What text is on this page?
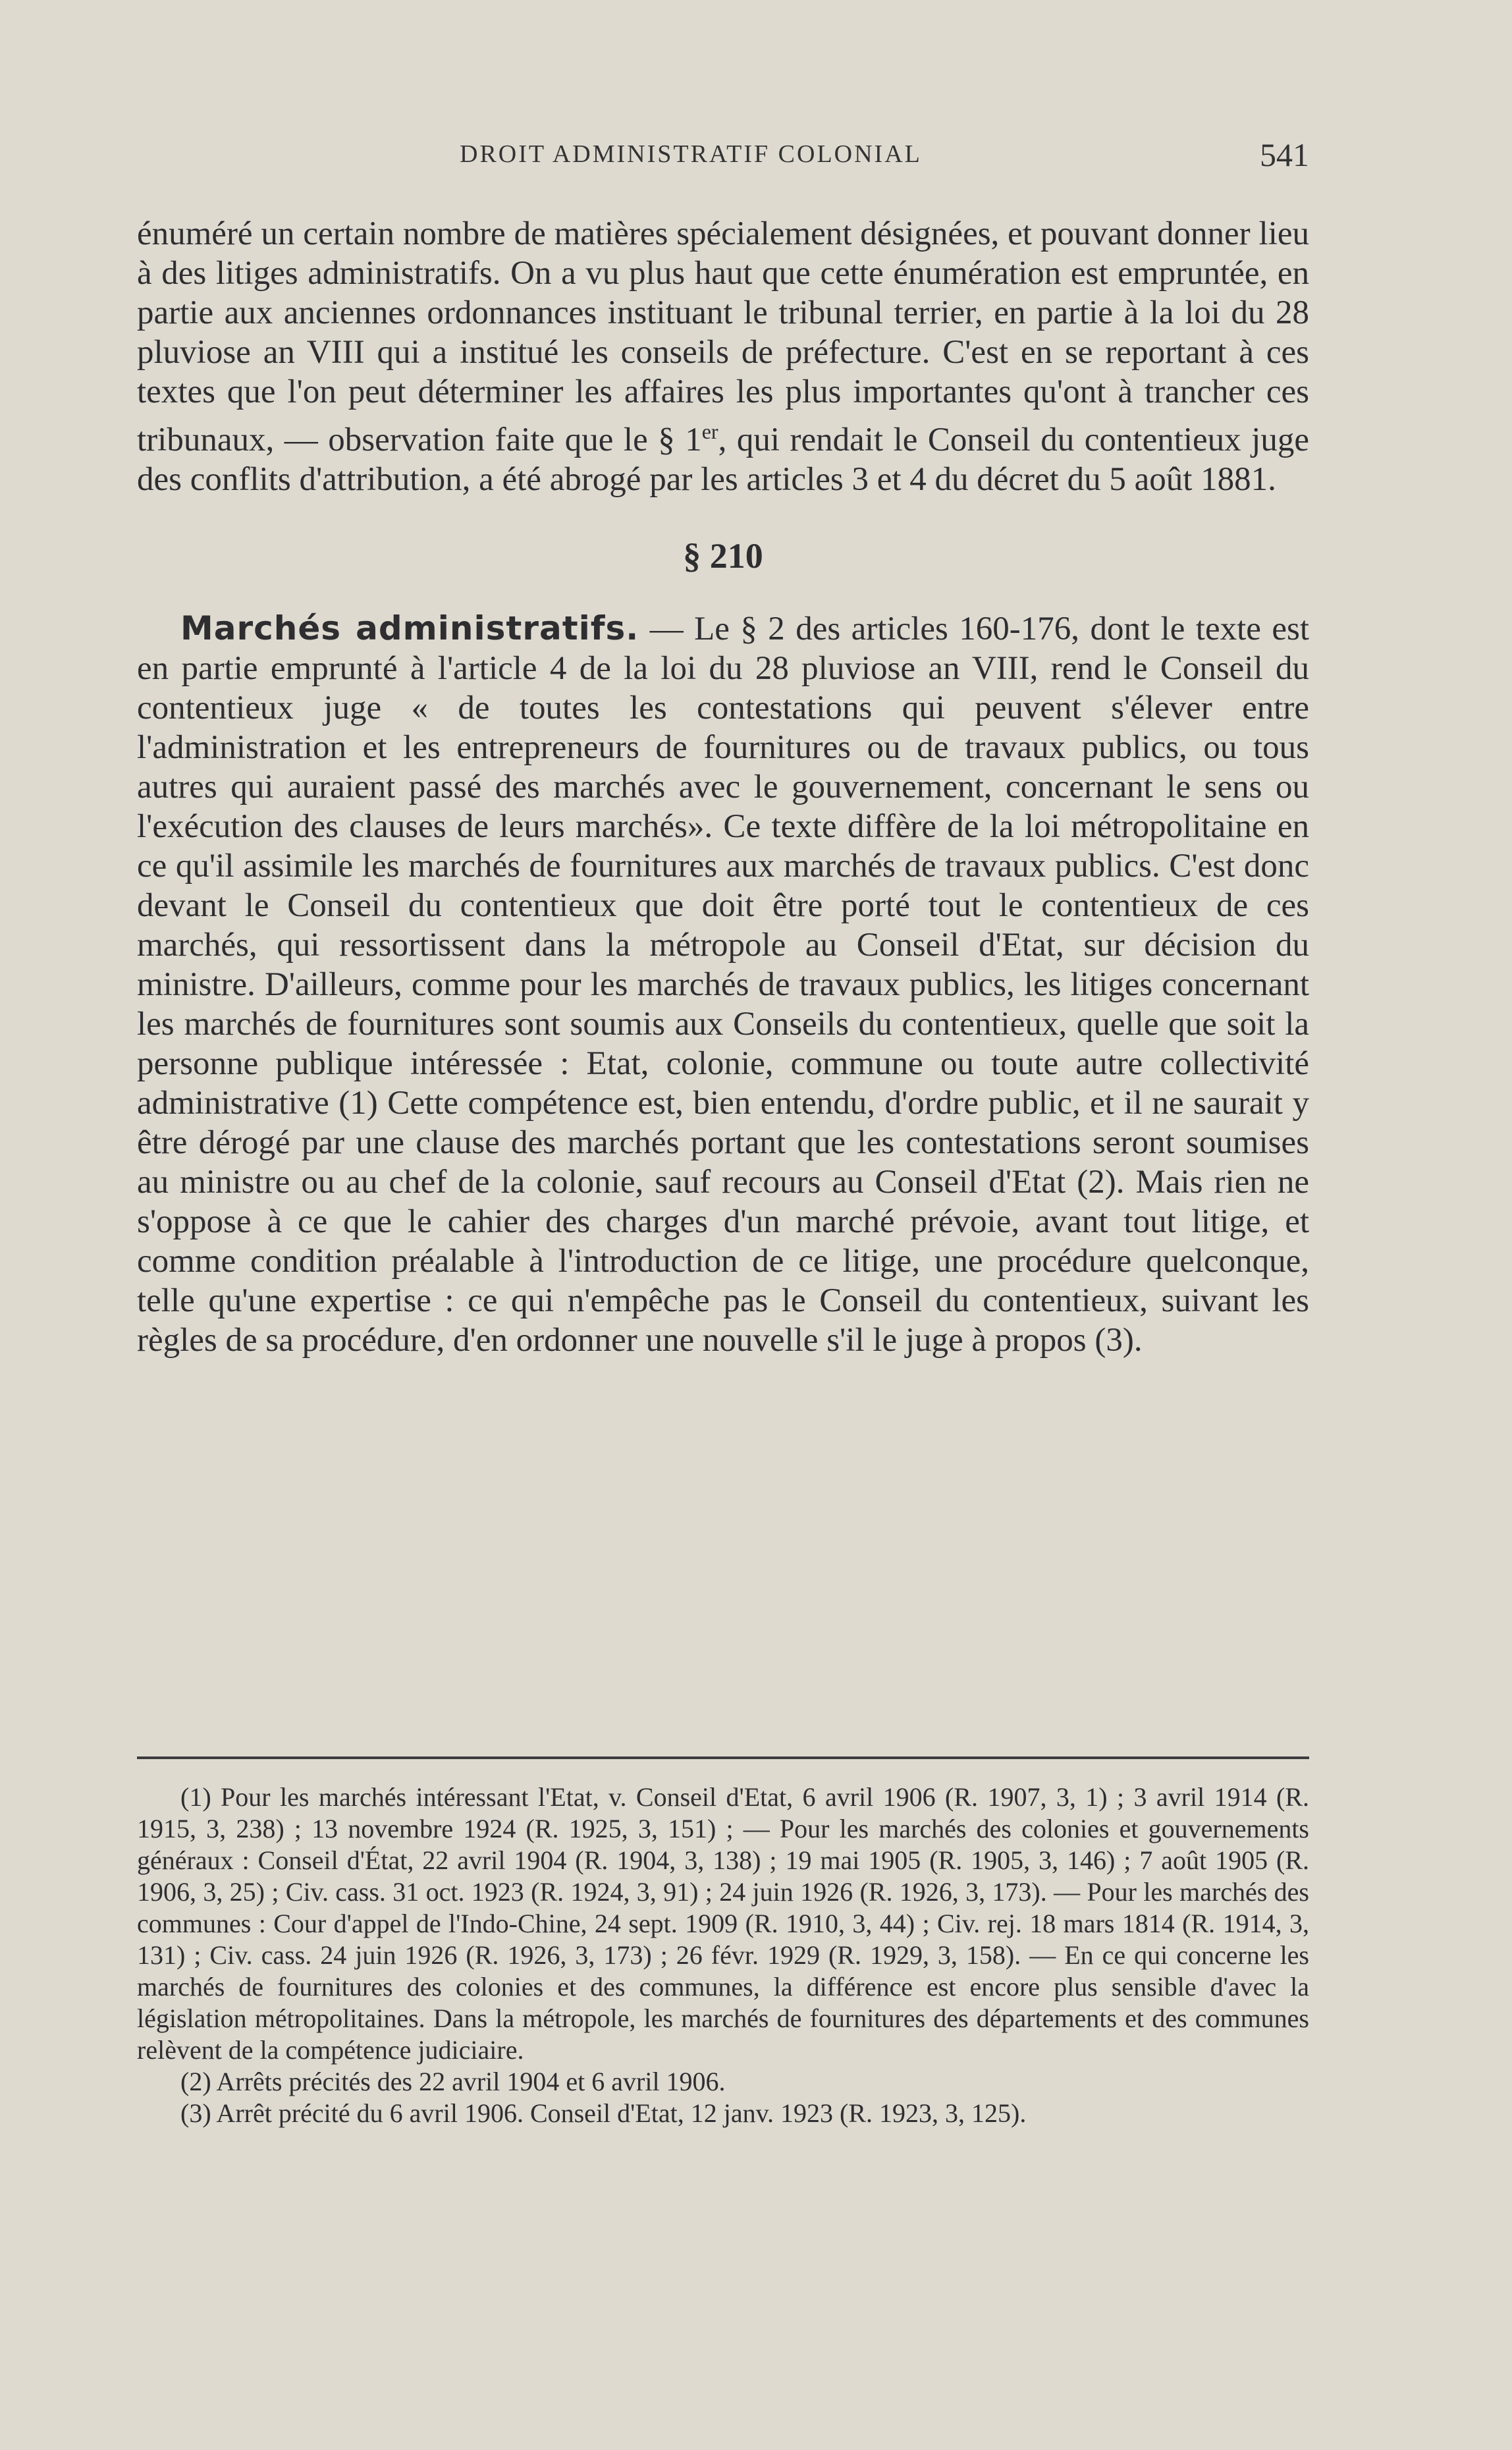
DROIT ADMINISTRATIF COLONIAL	541

énuméré un certain nombre de matières spécialement désignées, et pouvant donner lieu à des litiges administratifs. On a vu plus haut que cette énumération est empruntée, en partie aux anciennes ordonnances instituant le tribunal terrier, en partie à la loi du 28 pluviose an VIII qui a institué les conseils de préfecture. C'est en se reportant à ces textes que l'on peut déterminer les affaires les plus importantes qu'ont à trancher ces tribunaux, — observation faite que le § 1er, qui rendait le Conseil du contentieux juge des conflits d'attribution, a été abrogé par les articles 3 et 4 du décret du 5 août 1881.

§ 210

Marchés administratifs. — Le § 2 des articles 160-176, dont le texte est en partie emprunté à l'article 4 de la loi du 28 pluviose an VIII, rend le Conseil du contentieux juge « de toutes les contestations qui peuvent s'élever entre l'administration et les entrepreneurs de fournitures ou de travaux publics, ou tous autres qui auraient passé des marchés avec le gouvernement, concernant le sens ou l'exécution des clauses de leurs marchés». Ce texte diffère de la loi métropolitaine en ce qu'il assimile les marchés de fournitures aux marchés de travaux publics. C'est donc devant le Conseil du contentieux que doit être porté tout le contentieux de ces marchés, qui ressortissent dans la métropole au Conseil d'Etat, sur décision du ministre. D'ailleurs, comme pour les marchés de travaux publics, les litiges concernant les marchés de fournitures sont soumis aux Conseils du contentieux, quelle que soit la personne publique intéressée : Etat, colonie, commune ou toute autre collectivité administrative (1) Cette compétence est, bien entendu, d'ordre public, et il ne saurait y être dérogé par une clause des marchés portant que les contestations seront soumises au ministre ou au chef de la colonie, sauf recours au Conseil d'Etat (2). Mais rien ne s'oppose à ce que le cahier des charges d'un marché prévoie, avant tout litige, et comme condition préalable à l'introduction de ce litige, une procédure quelconque, telle qu'une expertise : ce qui n'empêche pas le Conseil du contentieux, suivant les règles de sa procédure, d'en ordonner une nouvelle s'il le juge à propos (3).

(1) Pour les marchés intéressant l'Etat, v. Conseil d'Etat, 6 avril 1906 (R. 1907, 3, 1) ; 3 avril 1914 (R. 1915, 3, 238) ; 13 novembre 1924 (R. 1925, 3, 151) ; — Pour les marchés des colonies et gouvernements généraux : Conseil d'État, 22 avril 1904 (R. 1904, 3, 138) ; 19 mai 1905 (R. 1905, 3, 146) ; 7 août 1905 (R. 1906, 3, 25) ; Civ. cass. 31 oct. 1923 (R. 1924, 3, 91) ; 24 juin 1926 (R. 1926, 3, 173). — Pour les marchés des communes : Cour d'appel de l'Indo-Chine, 24 sept. 1909 (R. 1910, 3, 44) ; Civ. rej. 18 mars 1814 (R. 1914, 3, 131) ; Civ. cass. 24 juin 1926 (R. 1926, 3, 173) ; 26 févr. 1929 (R. 1929, 3, 158). — En ce qui concerne les marchés de fournitures des colonies et des communes, la différence est encore plus sensible d'avec la législation métropolitaines. Dans la métropole, les marchés de fournitures des départements et des communes relèvent de la compétence judiciaire.

(2) Arrêts précités des 22 avril 1904 et 6 avril 1906.

(3) Arrêt précité du 6 avril 1906. Conseil d'Etat, 12 janv. 1923 (R. 1923, 3, 125).
